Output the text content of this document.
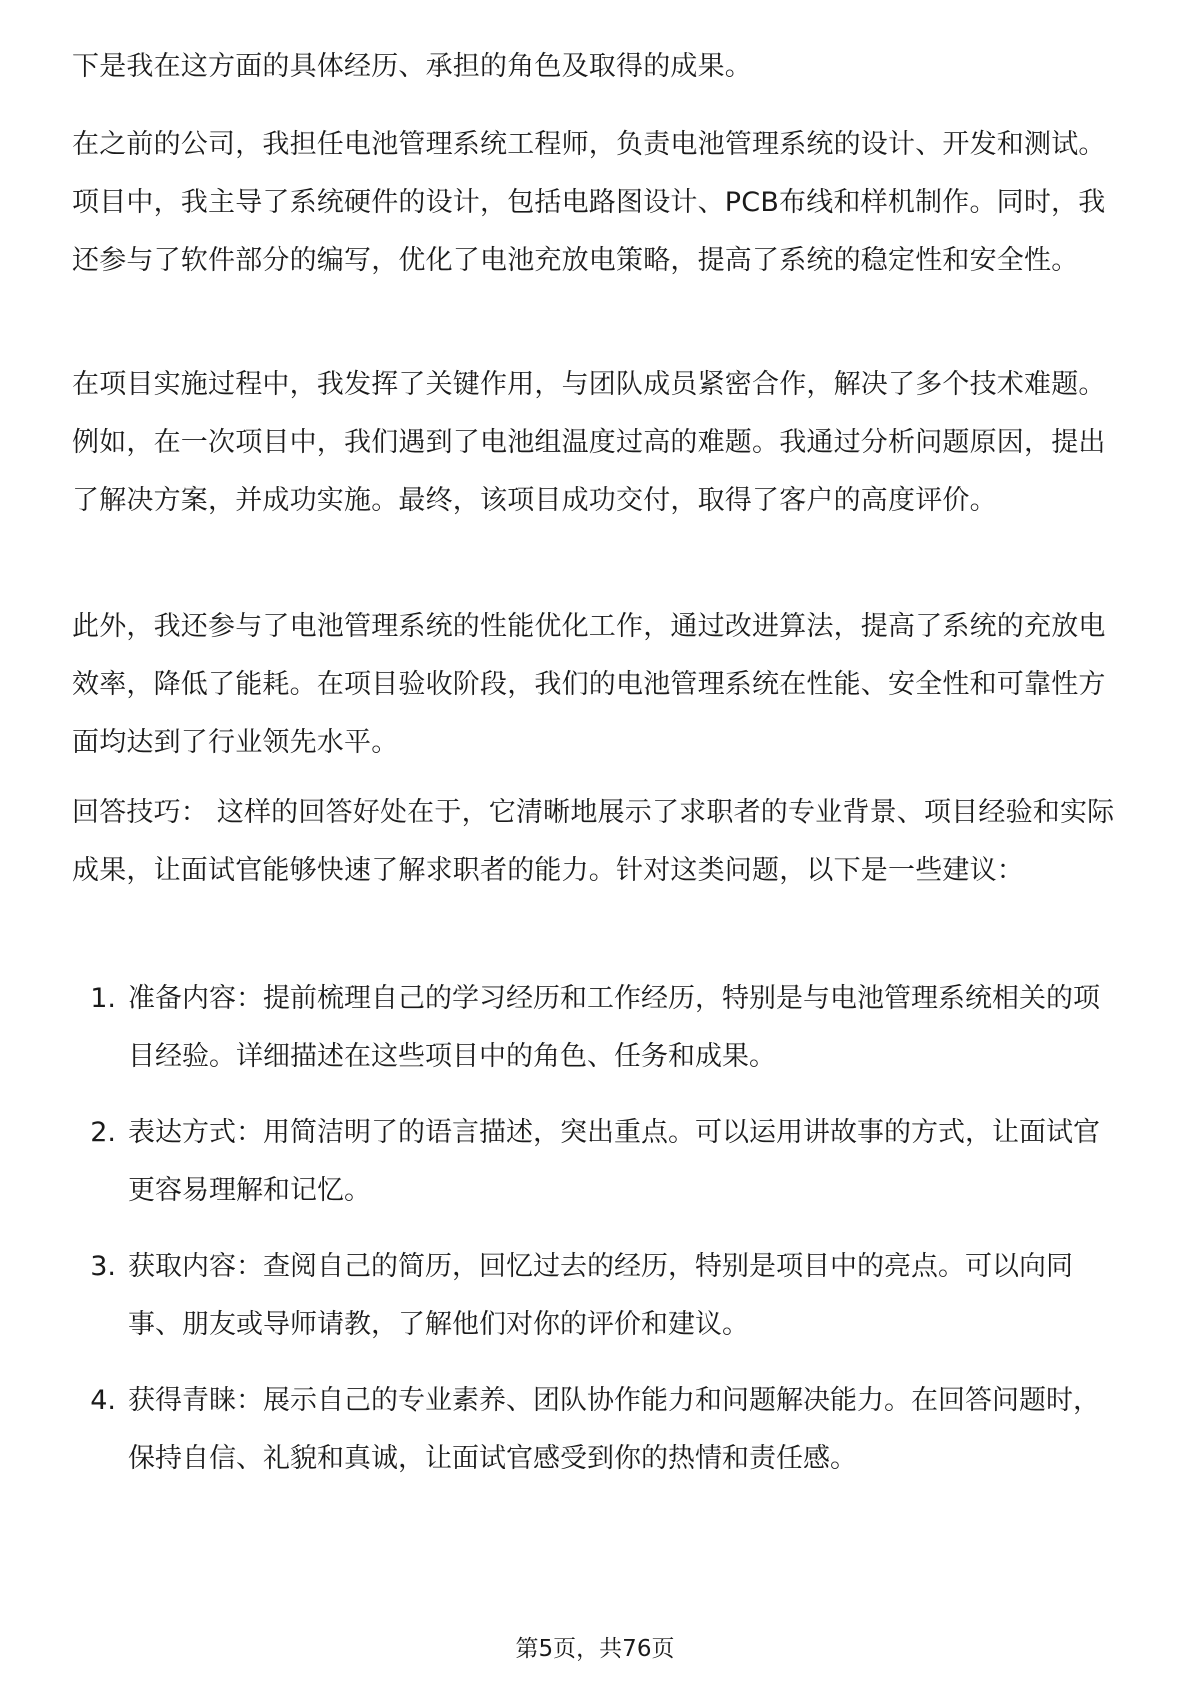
下是我在这方面的具体经历、承担的角色及取得的成果。

在之前的公司，我担任电池管理系统工程师，负责电池管理系统的设计、开发和测试。项目中，我主导了系统硬件的设计，包括电路图设计、PCB布线和样机制作。同时，我还参与了软件部分的编写，优化了电池充放电策略，提高了系统的稳定性和安全性。

在项目实施过程中，我发挥了关键作用，与团队成员紧密合作，解决了多个技术难题。例如，在一次项目中，我们遇到了电池组温度过高的难题。我通过分析问题原因，提出了解决方案，并成功实施。最终，该项目成功交付，取得了客户的高度评价。

此外，我还参与了电池管理系统的性能优化工作，通过改进算法，提高了系统的充放电效率，降低了能耗。在项目验收阶段，我们的电池管理系统在性能、安全性和可靠性方面均达到了行业领先水平。

回答技巧： 这样的回答好处在于，它清晰地展示了求职者的专业背景、项目经验和实际成果，让面试官能够快速了解求职者的能力。针对这类问题，以下是一些建议：

1. 准备内容：提前梳理自己的学习经历和工作经历，特别是与电池管理系统相关的项目经验。详细描述在这些项目中的角色、任务和成果。
2. 表达方式：用简洁明了的语言描述，突出重点。可以运用讲故事的方式，让面试官更容易理解和记忆。
3. 获取内容：查阅自己的简历，回忆过去的经历，特别是项目中的亮点。可以向同事、朋友或导师请教，了解他们对你的评价和建议。
4. 获得青睐：展示自己的专业素养、团队协作能力和问题解决能力。在回答问题时，保持自信、礼貌和真诚，让面试官感受到你的热情和责任感。
第5页，共76页
